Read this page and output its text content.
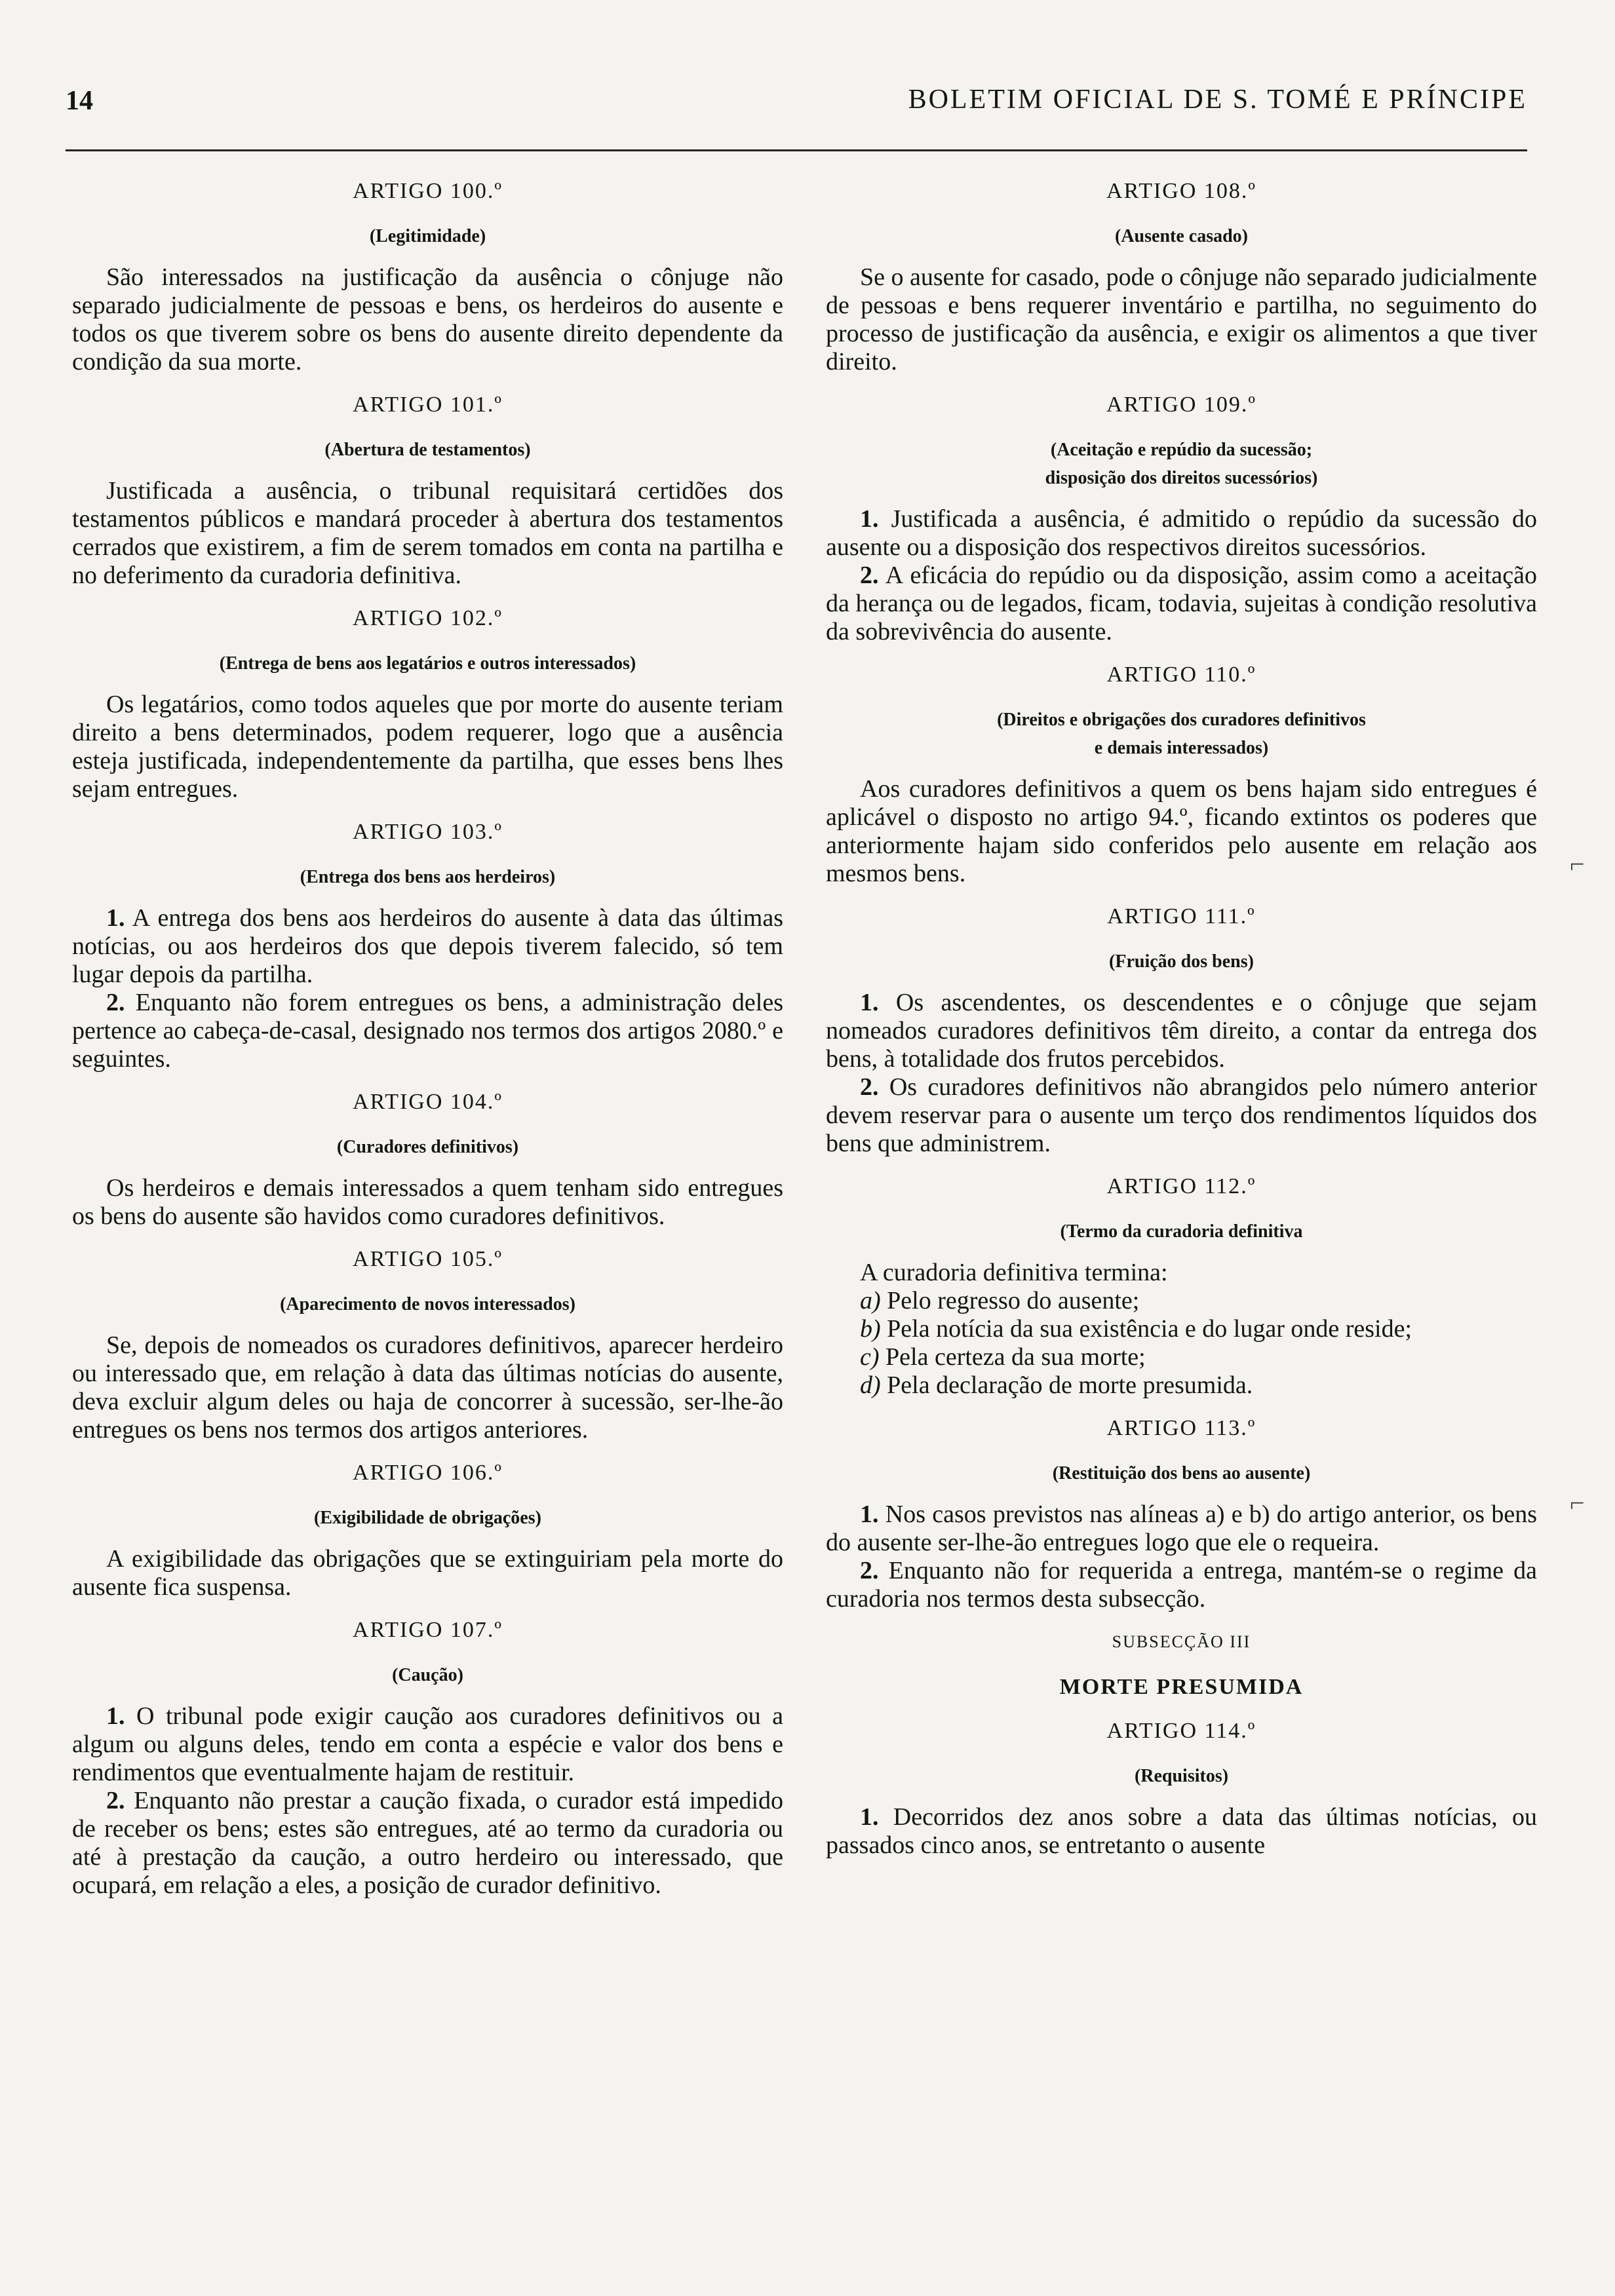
14	BOLETIM OFICIAL DE S. TOMÉ E PRÍNCIPE
ARTIGO 100.º
(Legitimidade)

São interessados na justificação da ausência o cônjuge não separado judicialmente de pessoas e bens, os herdeiros do ausente e todos os que tiverem sobre os bens do ausente direito dependente da condição da sua morte.

ARTIGO 101.º
(Abertura de testamentos)

Justificada a ausência, o tribunal requisitará certidões dos testamentos públicos e mandará proceder à abertura dos testamentos cerrados que existirem, a fim de serem tomados em conta na partilha e no deferimento da curadoria definitiva.

ARTIGO 102.º
(Entrega de bens aos legatários e outros interessados)

Os legatários, como todos aqueles que por morte do ausente teriam direito a bens determinados, podem requerer, logo que a ausência esteja justificada, independentemente da partilha, que esses bens lhes sejam entregues.

ARTIGO 103.º
(Entrega dos bens aos herdeiros)

1. A entrega dos bens aos herdeiros do ausente à data das últimas notícias, ou aos herdeiros dos que depois tiverem falecido, só tem lugar depois da partilha.

2. Enquanto não forem entregues os bens, a administração deles pertence ao cabeça-de-casal, designado nos termos dos artigos 2080.º e seguintes.

ARTIGO 104.º
(Curadores definitivos)

Os herdeiros e demais interessados a quem tenham sido entregues os bens do ausente são havidos como curadores definitivos.

ARTIGO 105.º
(Aparecimento de novos interessados)

Se, depois de nomeados os curadores definitivos, aparecer herdeiro ou interessado que, em relação à data das últimas notícias do ausente, deva excluir algum deles ou haja de concorrer à sucessão, ser-lhe-ão entregues os bens nos termos dos artigos anteriores.

ARTIGO 106.º
(Exigibilidade de obrigações)

A exigibilidade das obrigações que se extinguiriam pela morte do ausente fica suspensa.

ARTIGO 107.º
(Caução)

1. O tribunal pode exigir caução aos curadores definitivos ou a algum ou alguns deles, tendo em conta a espécie e valor dos bens e rendimentos que eventualmente hajam de restituir.

2. Enquanto não prestar a caução fixada, o curador está impedido de receber os bens; estes são entregues, até ao termo da curadoria ou até à prestação da caução, a outro herdeiro ou interessado, que ocupará, em relação a eles, a posição de curador definitivo.

ARTIGO 108.º
(Ausente casado)

Se o ausente for casado, pode o cônjuge não separado judicialmente de pessoas e bens requerer inventário e partilha, no seguimento do processo de justificação da ausência, e exigir os alimentos a que tiver direito.

ARTIGO 109.º
(Aceitação e repúdio da sucessão;
disposição dos direitos sucessórios)

1. Justificada a ausência, é admitido o repúdio da sucessão do ausente ou a disposição dos respectivos direitos sucessórios.

2. A eficácia do repúdio ou da disposição, assim como a aceitação da herança ou de legados, ficam, todavia, sujeitas à condição resolutiva da sobrevivência do ausente.

ARTIGO 110.º
(Direitos e obrigações dos curadores definitivos
e demais interessados)

Aos curadores definitivos a quem os bens hajam sido entregues é aplicável o disposto no artigo 94.º, ficando extintos os poderes que anteriormente hajam sido conferidos pelo ausente em relação aos mesmos bens.

ARTIGO 111.º
(Fruição dos bens)

1. Os ascendentes, os descendentes e o cônjuge que sejam nomeados curadores definitivos têm direito, a contar da entrega dos bens, à totalidade dos frutos percebidos.

2. Os curadores definitivos não abrangidos pelo número anterior devem reservar para o ausente um terço dos rendimentos líquidos dos bens que administrem.

ARTIGO 112.º
(Termo da curadoria definitiva

A curadoria definitiva termina:

a) Pelo regresso do ausente;

b) Pela notícia da sua existência e do lugar onde reside;

c) Pela certeza da sua morte;

d) Pela declaração de morte presumida.

ARTIGO 113.º
(Restituição dos bens ao ausente)

1. Nos casos previstos nas alíneas a) e b) do artigo anterior, os bens do ausente ser-lhe-ão entregues logo que ele o requeira.

2. Enquanto não for requerida a entrega, mantém-se o regime da curadoria nos termos desta subsecção.

SUBSECÇÃO III
MORTE PRESUMIDA
ARTIGO 114.º
(Requisitos)

1. Decorridos dez anos sobre a data das últimas notícias, ou passados cinco anos, se entretanto o ausente

⌐
⌐
